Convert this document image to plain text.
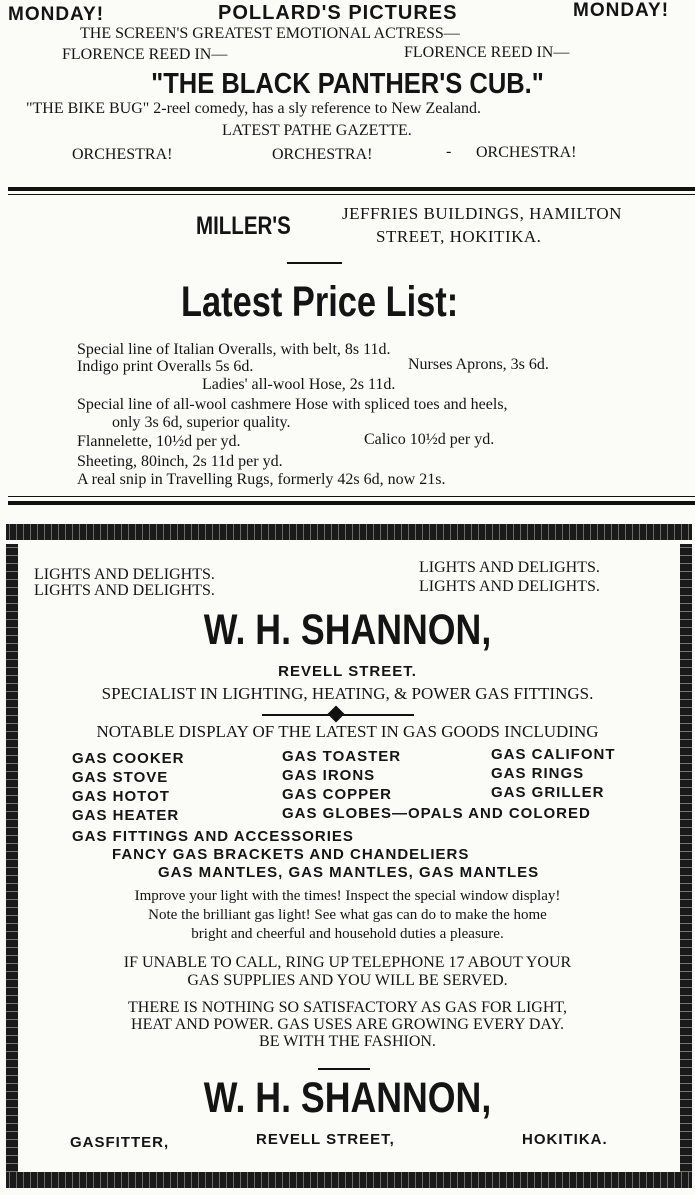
MONDAY!	POLLARD'S PICTURES	MONDAY!
THE SCREEN'S GREATEST EMOTIONAL ACTRESS—
FLORENCE REED IN—	FLORENCE REED IN—
"THE BLACK PANTHER'S CUB."
"THE BIKE BUG" 2-reel comedy, has a sly reference to New Zealand.
LATEST PATHE GAZETTE.
ORCHESTRA!	ORCHESTRA!	- ORCHESTRA!
MILLER'S	JEFFRIES BUILDINGS, HAMILTON
STREET, HOKITIKA.
Latest Price List:
Special line of Italian Overalls, with belt, 8s 11d.
Indigo print Overalls 5s 6d.	Nurses Aprons, 3s 6d.
Ladies' all-wool Hose, 2s 11d.
Special line of all-wool cashmere Hose with spliced toes and heels,
only 3s 6d, superior quality.
Flannelette, 10½d per yd.	Calico 10½d per yd.
Sheeting, 80inch, 2s 11d per yd.
A real snip in Travelling Rugs, formerly 42s 6d, now 21s.
LIGHTS AND DELIGHTS.
LIGHTS AND DELIGHTS.
LIGHTS AND DELIGHTS.
LIGHTS AND DELIGHTS.
W. H. SHANNON,
REVELL STREET.
SPECIALIST IN LIGHTING, HEATING, & POWER GAS FITTINGS.
NOTABLE DISPLAY OF THE LATEST IN GAS GOODS INCLUDING
GAS COOKER
GAS STOVE
GAS HOTOT
GAS HEATER
GAS TOASTER
GAS IRONS
GAS COPPER
GAS GLOBES—OPALS AND COLORED
GAS CALIFONT
GAS RINGS
GAS GRILLER
GAS FITTINGS AND ACCESSORIES
FANCY GAS BRACKETS AND CHANDELIERS
GAS MANTLES, GAS MANTLES, GAS MANTLES
Improve your light with the times! Inspect the special window display!
Note the brilliant gas light! See what gas can do to make the home
bright and cheerful and household duties a pleasure.
IF UNABLE TO CALL, RING UP TELEPHONE 17 ABOUT YOUR
GAS SUPPLIES AND YOU WILL BE SERVED.
THERE IS NOTHING SO SATISFACTORY AS GAS FOR LIGHT,
HEAT AND POWER. GAS USES ARE GROWING EVERY DAY.
BE WITH THE FASHION.
W. H. SHANNON,
GASFITTER,	REVELL STREET,	HOKITIKA.
